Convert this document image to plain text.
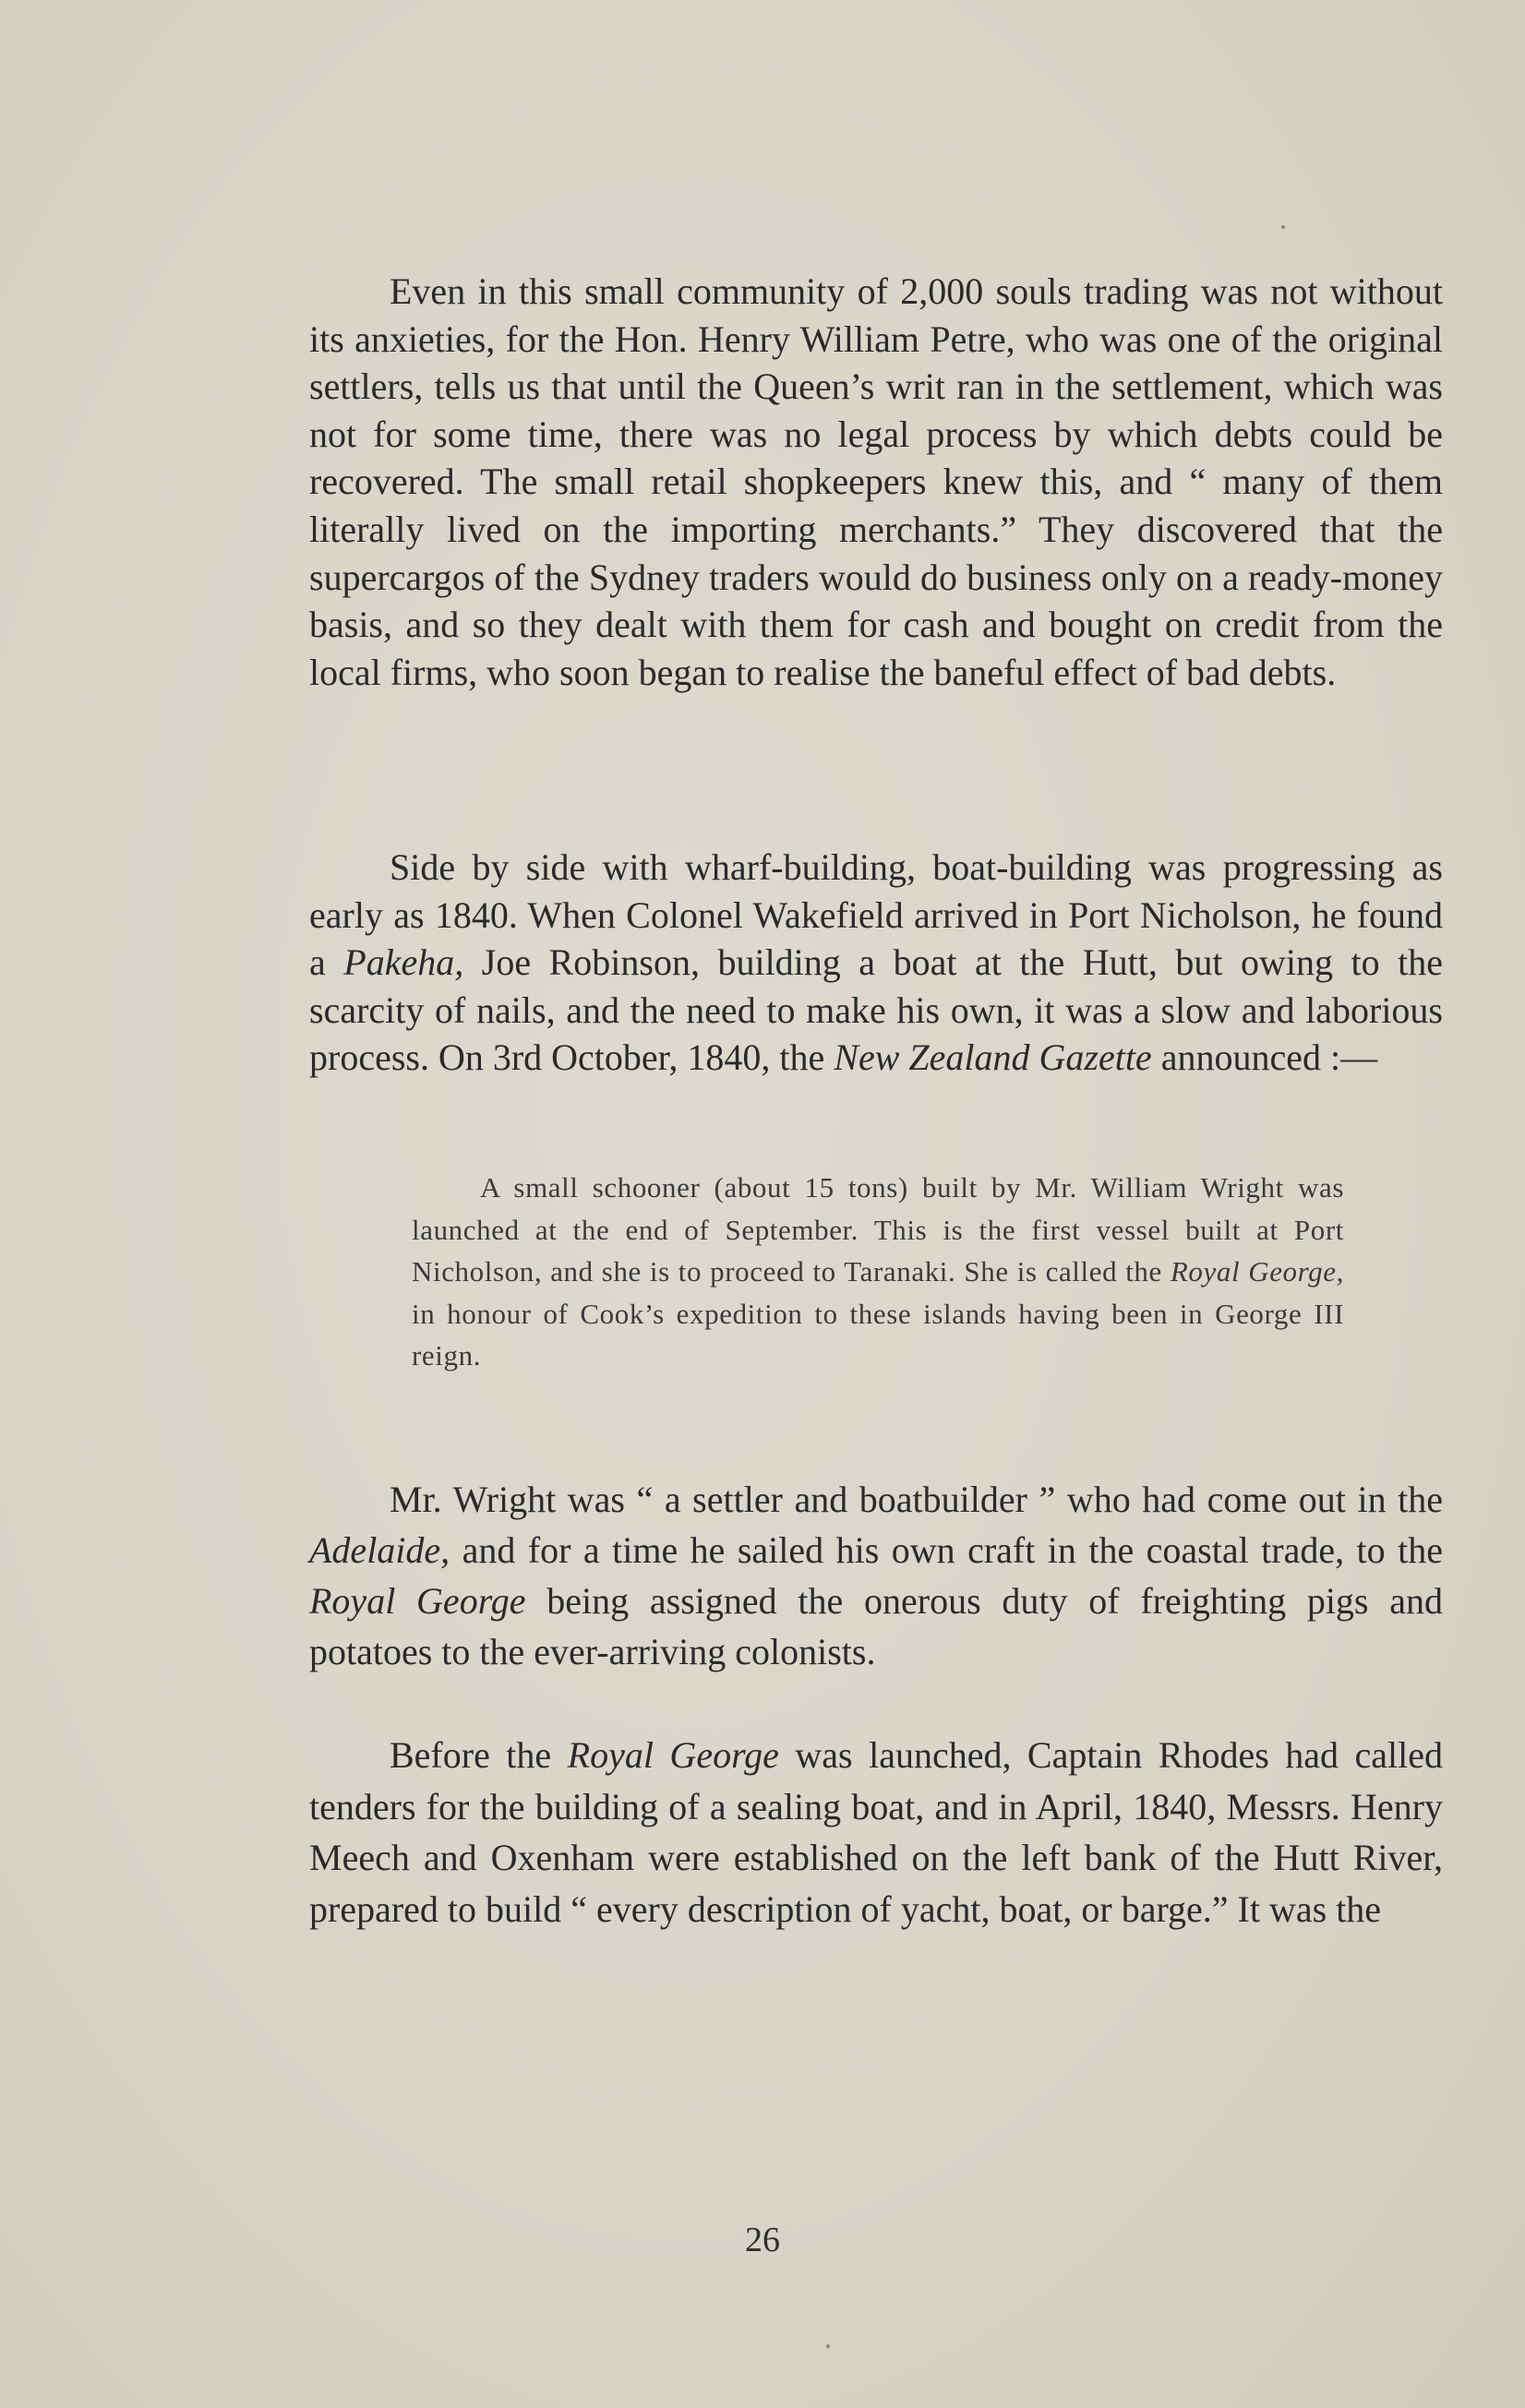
Even in this small community of 2,000 souls trading was not without its anxieties, for the Hon. Henry William Petre, who was one of the original settlers, tells us that until the Queen’s writ ran in the settlement, which was not for some time, there was no legal process by which debts could be recovered. The small retail shopkeepers knew this, and “ many of them literally lived on the importing merchants.” They discovered that the supercargos of the Sydney traders would do business only on a ready-money basis, and so they dealt with them for cash and bought on credit from the local firms, who soon began to realise the baneful effect of bad debts.

Side by side with wharf-building, boat-building was progressing as early as 1840. When Colonel Wakefield arrived in Port Nicholson, he found a Pakeha, Joe Robinson, building a boat at the Hutt, but owing to the scarcity of nails, and the need to make his own, it was a slow and laborious process. On 3rd October, 1840, the New Zealand Gazette announced :—

A small schooner (about 15 tons) built by Mr. William Wright was launched at the end of September. This is the first vessel built at Port Nicholson, and she is to proceed to Taranaki. She is called the Royal George, in honour of Cook’s expedition to these islands having been in George III reign.

Mr. Wright was “ a settler and boatbuilder ” who had come out in the Adelaide, and for a time he sailed his own craft in the coastal trade, to the Royal George being assigned the onerous duty of freighting pigs and potatoes to the ever-arriving colonists.

Before the Royal George was launched, Captain Rhodes had called tenders for the building of a sealing boat, and in April, 1840, Messrs. Henry Meech and Oxenham were established on the left bank of the Hutt River, prepared to build “ every description of yacht, boat, or barge.” It was the

26
